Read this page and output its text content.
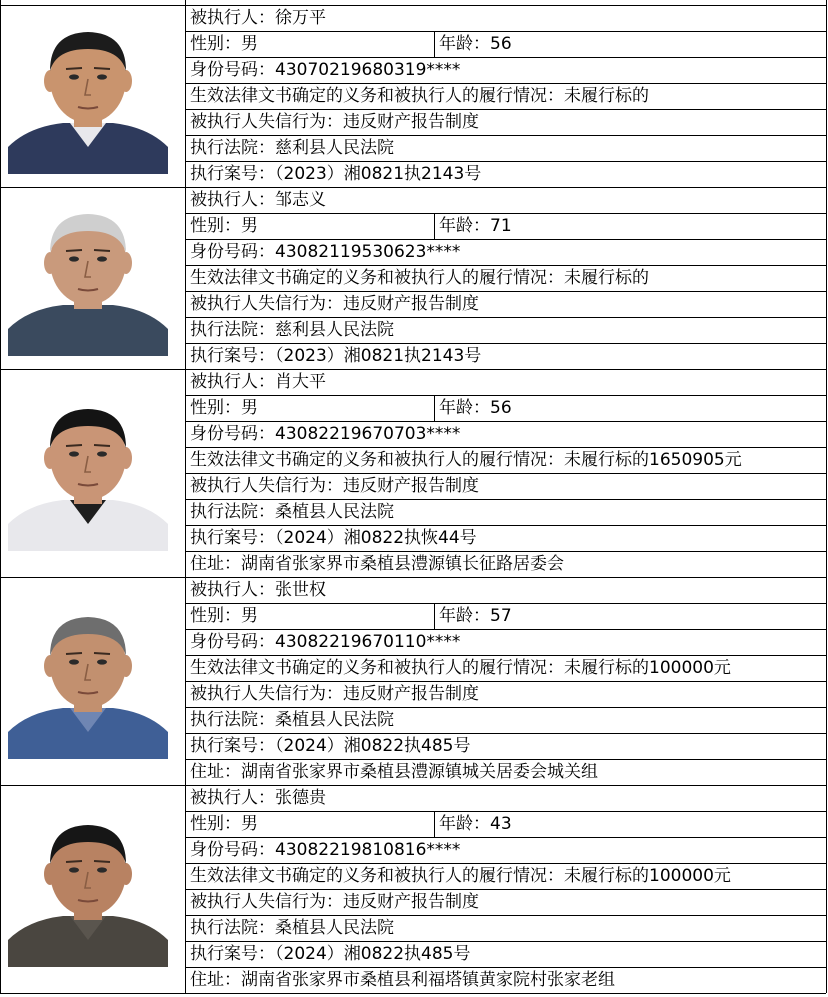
被执行人：徐万平
性别：男	年龄：56
身份号码：43070219680319****
生效法律文书确定的义务和被执行人的履行情况：未履行标的
被执行人失信行为：违反财产报告制度
执行法院：慈利县人民法院
执行案号：（2023）湘0821执2143号
被执行人：邹志义
性别：男	年龄：71
身份号码：43082119530623****
生效法律文书确定的义务和被执行人的履行情况：未履行标的
被执行人失信行为：违反财产报告制度
执行法院：慈利县人民法院
执行案号：（2023）湘0821执2143号
被执行人：肖大平
性别：男	年龄：56
身份号码：43082219670703****
生效法律文书确定的义务和被执行人的履行情况：未履行标的1650905元
被执行人失信行为：违反财产报告制度
执行法院：桑植县人民法院
执行案号：（2024）湘0822执恢44号
住址：湖南省张家界市桑植县澧源镇长征路居委会
被执行人：张世权
性别：男	年龄：57
身份号码：43082219670110****
生效法律文书确定的义务和被执行人的履行情况：未履行标的100000元
被执行人失信行为：违反财产报告制度
执行法院：桑植县人民法院
执行案号：（2024）湘0822执485号
住址：湖南省张家界市桑植县澧源镇城关居委会城关组
被执行人：张德贵
性别：男	年龄：43
身份号码：43082219810816****
生效法律文书确定的义务和被执行人的履行情况：未履行标的100000元
被执行人失信行为：违反财产报告制度
执行法院：桑植县人民法院
执行案号：（2024）湘0822执485号
住址：湖南省张家界市桑植县利福塔镇黄家院村张家老组
